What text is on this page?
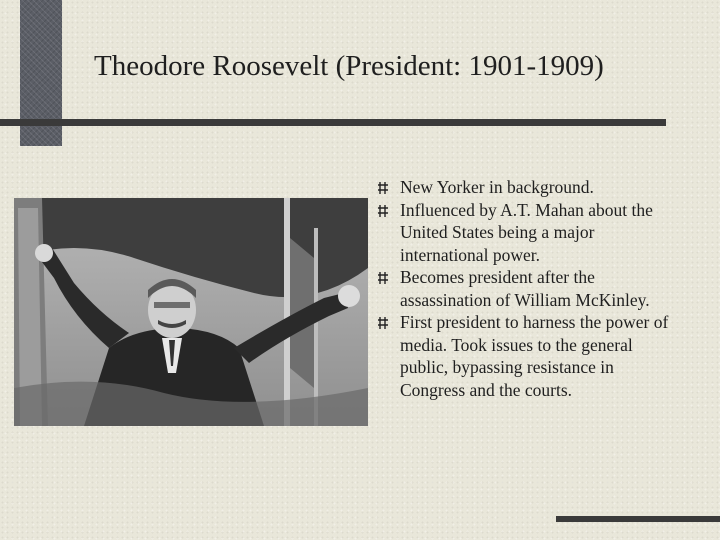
Theodore Roosevelt (President: 1901-1909)
New Yorker in background.
Influenced by A.T. Mahan about the United States being a major international power.
Becomes president after the assassination of William McKinley.
First president to harness the power of media. Took issues to the general public, bypassing resistance in Congress and the courts.
